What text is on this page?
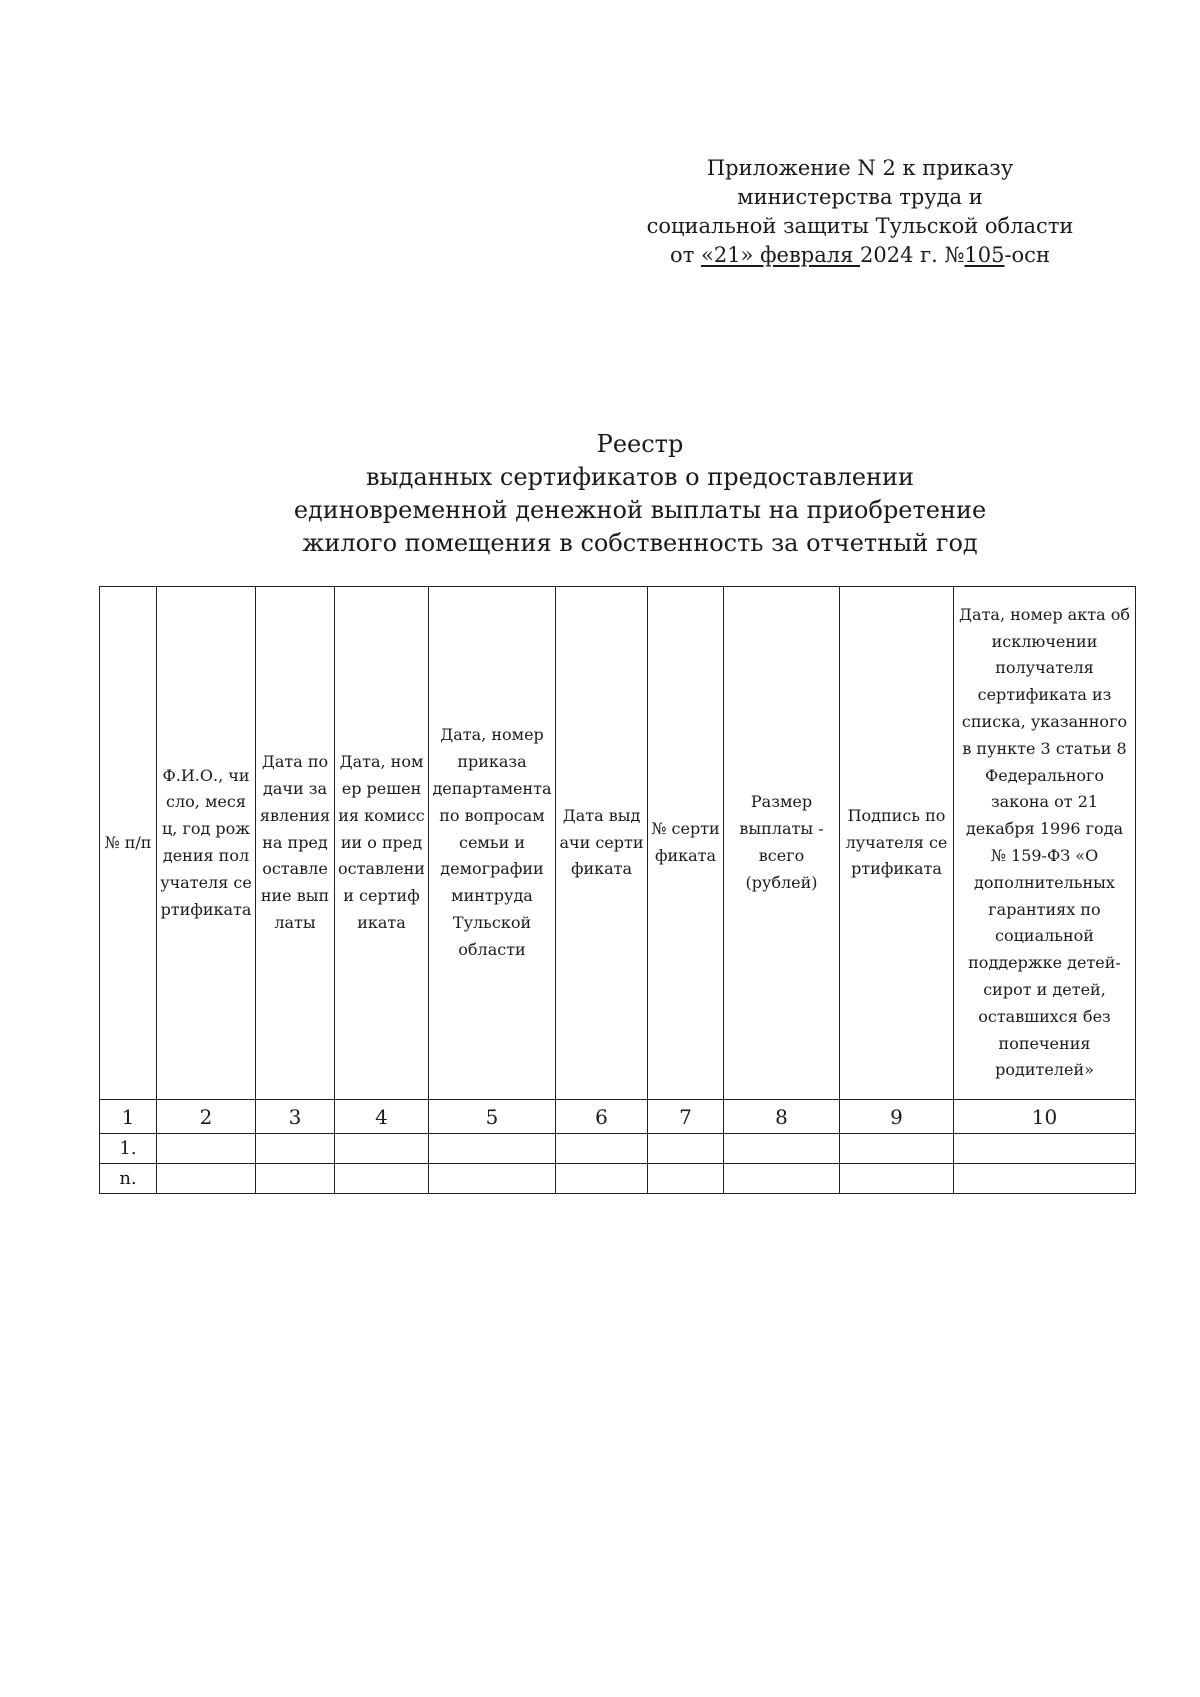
Приложение N 2 к приказу
министерства труда и
социальной защиты Тульской области
от «21» февраля 2024 г. №105-осн
Реестр
выданных сертификатов о предоставлении
единовременной денежной выплаты на приобретение
жилого помещения в собственность за отчетный год
№ п/п	Ф.И.О., число, месяц, год рождения получателя сертификата	Дата подачи заявления на предоставление выплаты	Дата, номер решения комиссии о предоставлении сертификата	Дата, номер приказа департамента по вопросам семьи и демографии минтруда Тульской области	Дата выдачи сертификата	№ сертификата	Размер выплаты - всего (рублей)	Подпись получателя сертификата	Дата, номер акта об исключении получателя сертификата из списка, указанного в пункте 3 статьи 8 Федерального закона от 21 декабря 1996 года № 159-ФЗ «О дополнительных гарантиях по социальной поддержке детей-сирот и детей, оставшихся без попечения родителей»
1	2	3	4	5	6	7	8	9	10
1.									
n.									
